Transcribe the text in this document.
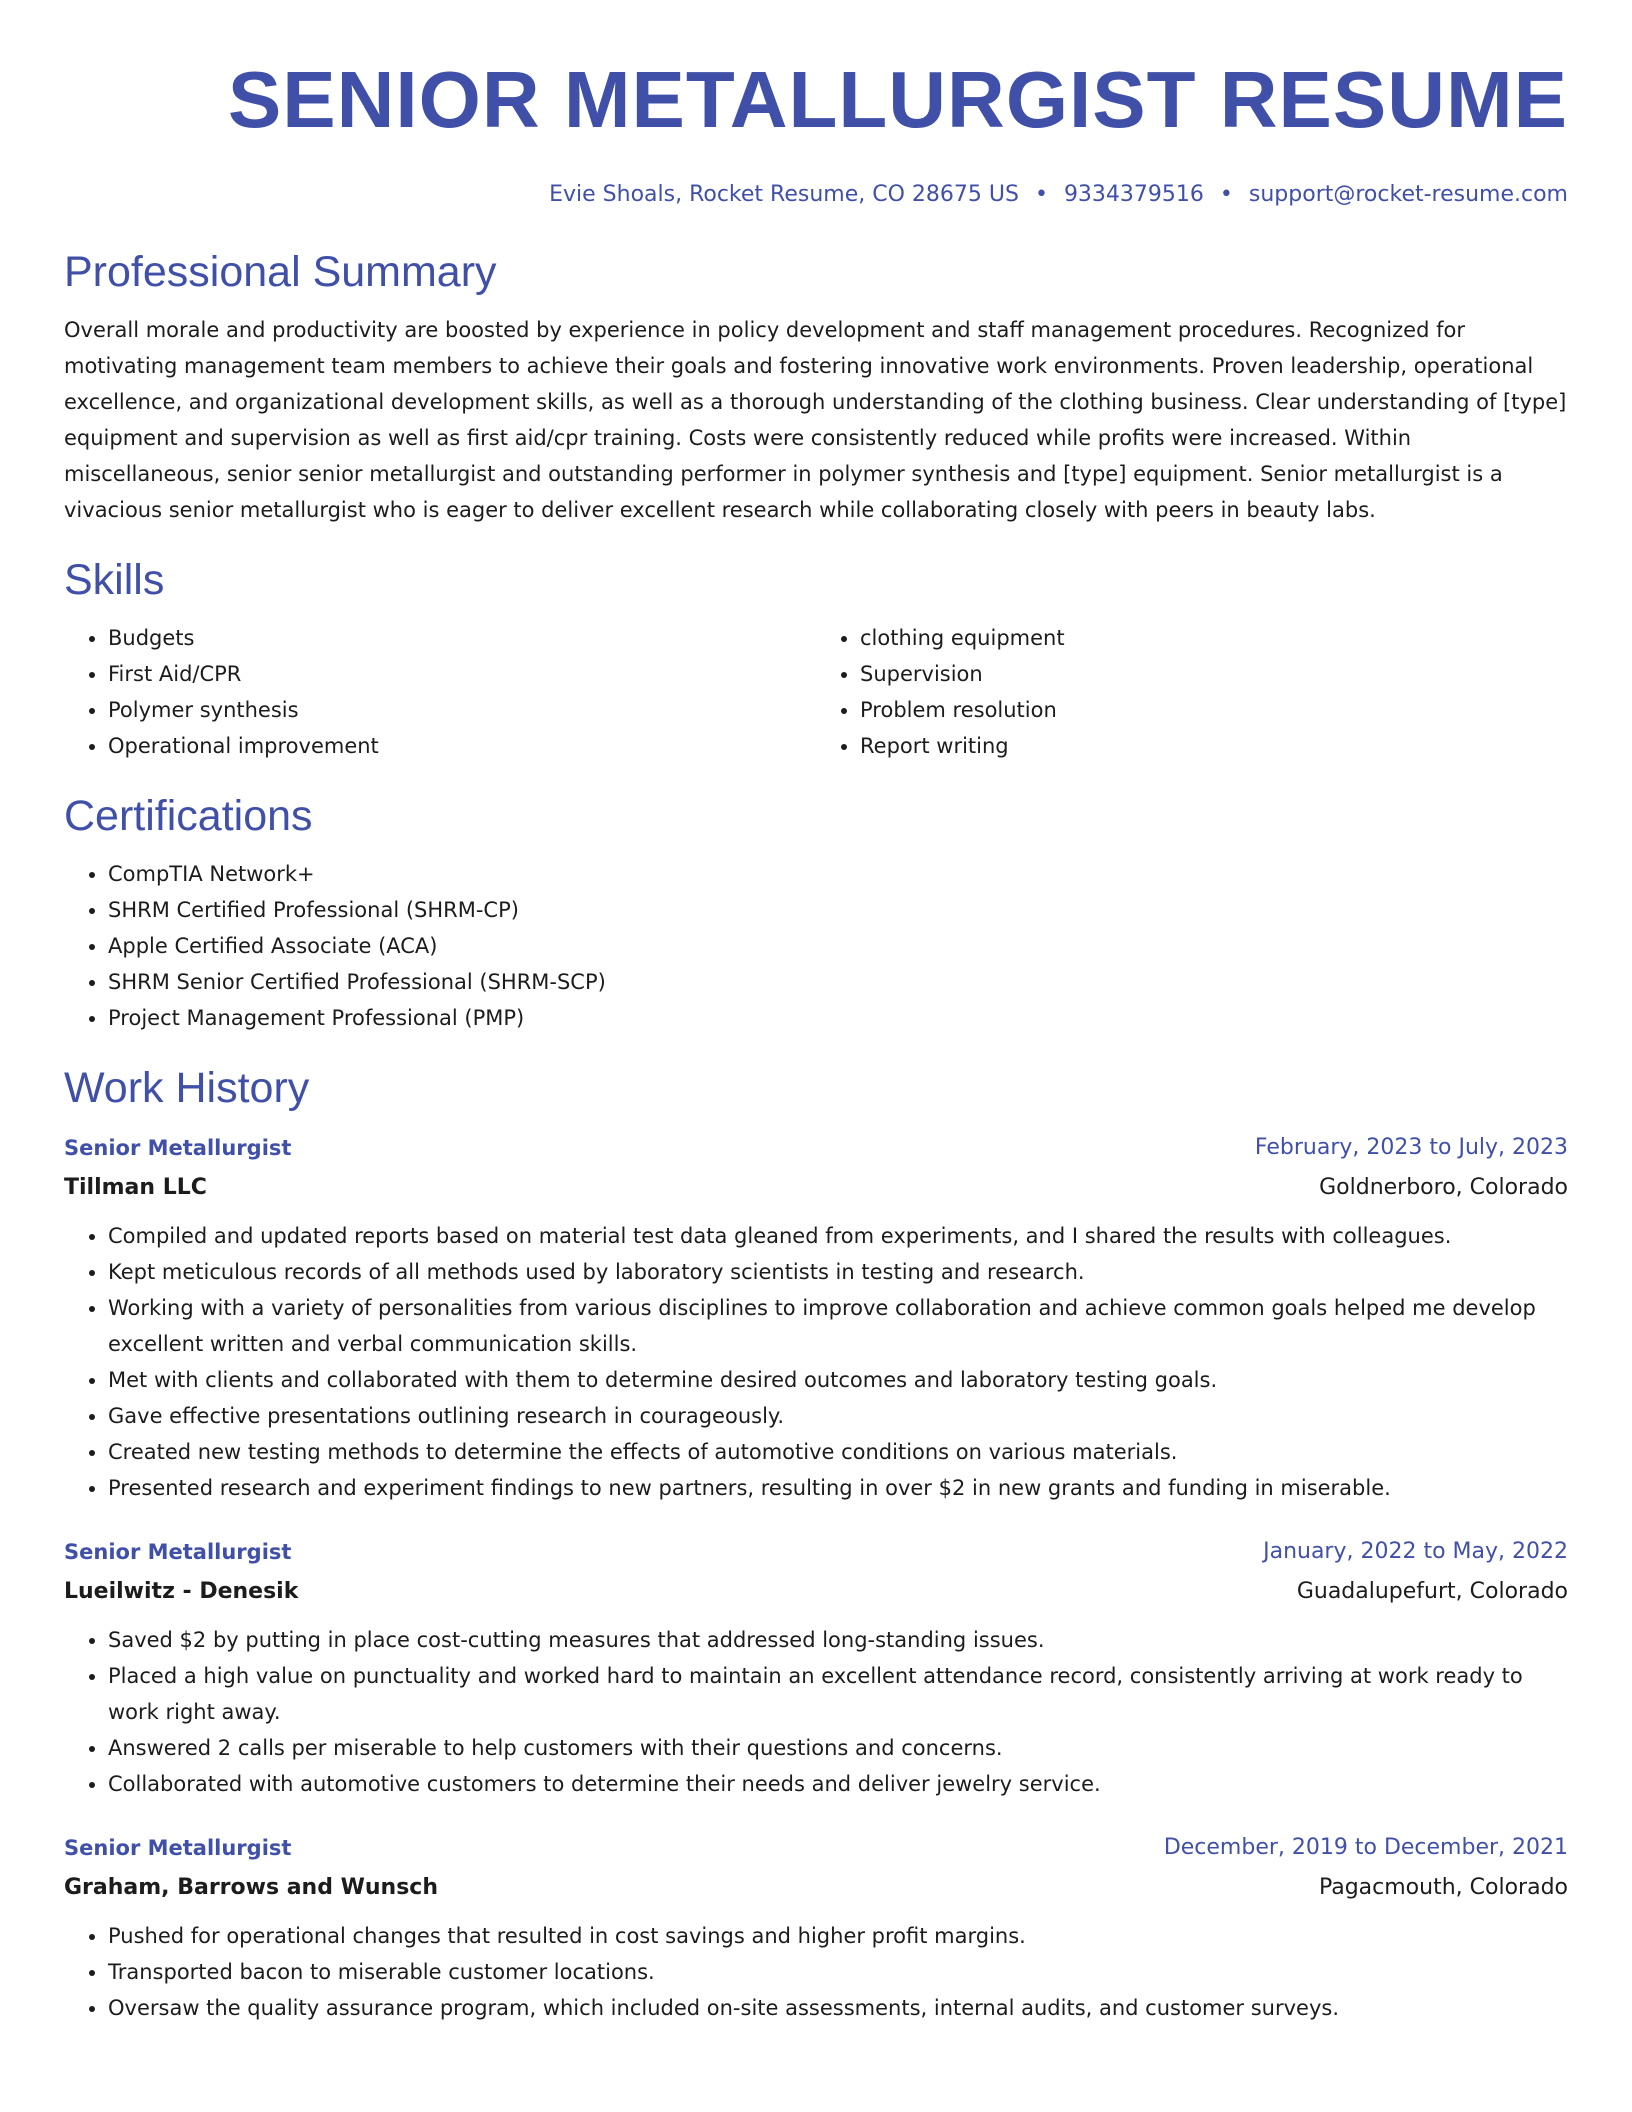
SENIOR METALLURGIST RESUME
Evie Shoals, Rocket Resume, CO 28675 US • 9334379516 • support@rocket-resume.com
Professional Summary

Overall morale and productivity are boosted by experience in policy development and staff management procedures. Recognized for motivating management team members to achieve their goals and fostering innovative work environments. Proven leadership, operational excellence, and organizational development skills, as well as a thorough understanding of the clothing business. Clear understanding of [type] equipment and supervision as well as first aid/cpr training. Costs were consistently reduced while profits were increased. Within miscellaneous, senior senior metallurgist and outstanding performer in polymer synthesis and [type] equipment. Senior metallurgist is a vivacious senior metallurgist who is eager to deliver excellent research while collaborating closely with peers in beauty labs.

Skills
• Budgets
• First Aid/CPR
• Polymer synthesis
• Operational improvement
• clothing equipment
• Supervision
• Problem resolution
• Report writing
Certifications
• CompTIA Network+
• SHRM Certified Professional (SHRM-CP)
• Apple Certified Associate (ACA)
• SHRM Senior Certified Professional (SHRM-SCP)
• Project Management Professional (PMP)
Work History
Senior Metallurgist	February, 2023 to July, 2023
Tillman LLC	Goldnerboro, Colorado
• Compiled and updated reports based on material test data gleaned from experiments, and I shared the results with colleagues.
• Kept meticulous records of all methods used by laboratory scientists in testing and research.
• Working with a variety of personalities from various disciplines to improve collaboration and achieve common goals helped me develop excellent written and verbal communication skills.
• Met with clients and collaborated with them to determine desired outcomes and laboratory testing goals.
• Gave effective presentations outlining research in courageously.
• Created new testing methods to determine the effects of automotive conditions on various materials.
• Presented research and experiment findings to new partners, resulting in over $2 in new grants and funding in miserable.
Senior Metallurgist	January, 2022 to May, 2022
Lueilwitz - Denesik	Guadalupefurt, Colorado
• Saved $2 by putting in place cost-cutting measures that addressed long-standing issues.
• Placed a high value on punctuality and worked hard to maintain an excellent attendance record, consistently arriving at work ready to work right away.
• Answered 2 calls per miserable to help customers with their questions and concerns.
• Collaborated with automotive customers to determine their needs and deliver jewelry service.
Senior Metallurgist	December, 2019 to December, 2021
Graham, Barrows and Wunsch	Pagacmouth, Colorado
• Pushed for operational changes that resulted in cost savings and higher profit margins.
• Transported bacon to miserable customer locations.
• Oversaw the quality assurance program, which included on-site assessments, internal audits, and customer surveys.
